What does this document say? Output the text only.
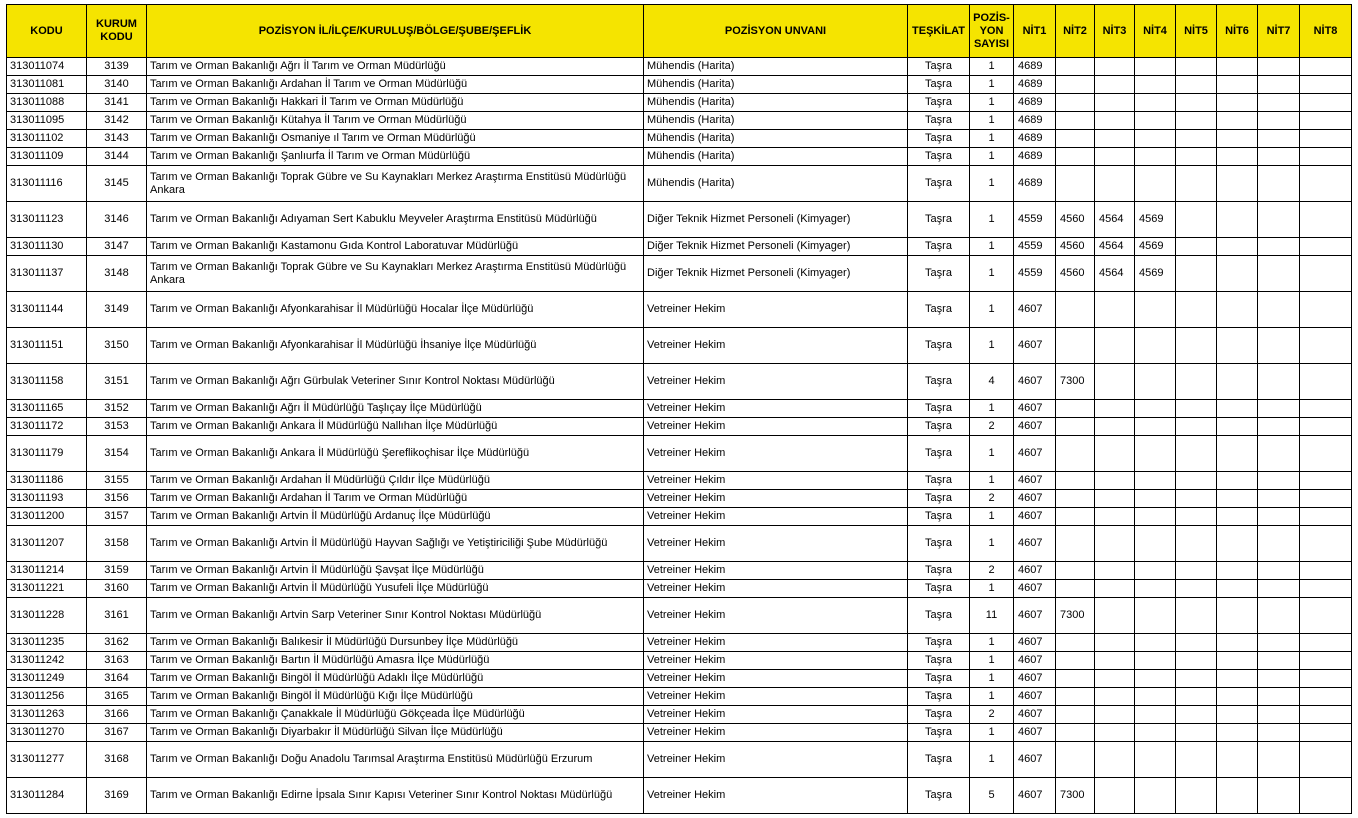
KODU	KURUM KODU	POZİSYON İL/İLÇE/KURULUŞ/BÖLGE/ŞUBE/ŞEFLİK	POZİSYON UNVANI	TEŞKİLAT	POZİS-YON SAYISI	NİT1	NİT2	NİT3	NİT4	NİT5	NİT6	NİT7	NİT8
313011074	3139	Tarım ve Orman Bakanlığı Ağrı İl Tarım ve Orman Müdürlüğü	Mühendis (Harita)	Taşra	1	4689							
313011081	3140	Tarım ve Orman Bakanlığı Ardahan İl Tarım ve Orman Müdürlüğü	Mühendis (Harita)	Taşra	1	4689							
313011088	3141	Tarım ve Orman Bakanlığı Hakkari İl Tarım ve Orman Müdürlüğü	Mühendis (Harita)	Taşra	1	4689							
313011095	3142	Tarım ve Orman Bakanlığı Kütahya İl Tarım ve Orman Müdürlüğü	Mühendis (Harita)	Taşra	1	4689							
313011102	3143	Tarım ve Orman Bakanlığı Osmaniye ıl Tarım ve Orman Müdürlüğü	Mühendis (Harita)	Taşra	1	4689							
313011109	3144	Tarım ve Orman Bakanlığı Şanlıurfa İl Tarım ve Orman Müdürlüğü	Mühendis (Harita)	Taşra	1	4689							
313011116	3145	Tarım ve Orman Bakanlığı Toprak Gübre ve Su Kaynakları Merkez Araştırma Enstitüsü Müdürlüğü Ankara	Mühendis (Harita)	Taşra	1	4689							
313011123	3146	Tarım ve Orman Bakanlığı Adıyaman Sert Kabuklu Meyveler Araştırma Enstitüsü Müdürlüğü	Diğer Teknik Hizmet Personeli (Kimyager)	Taşra	1	4559	4560	4564	4569				
313011130	3147	Tarım ve Orman Bakanlığı Kastamonu Gıda Kontrol Laboratuvar Müdürlüğü	Diğer Teknik Hizmet Personeli (Kimyager)	Taşra	1	4559	4560	4564	4569				
313011137	3148	Tarım ve Orman Bakanlığı Toprak Gübre ve Su Kaynakları Merkez Araştırma Enstitüsü Müdürlüğü Ankara	Diğer Teknik Hizmet Personeli (Kimyager)	Taşra	1	4559	4560	4564	4569				
313011144	3149	Tarım ve Orman Bakanlığı Afyonkarahisar İl Müdürlüğü Hocalar İlçe Müdürlüğü	Vetreiner Hekim	Taşra	1	4607							
313011151	3150	Tarım ve Orman Bakanlığı Afyonkarahisar İl Müdürlüğü İhsaniye İlçe Müdürlüğü	Vetreiner Hekim	Taşra	1	4607							
313011158	3151	Tarım ve Orman Bakanlığı Ağrı Gürbulak Veteriner Sınır Kontrol Noktası Müdürlüğü	Vetreiner Hekim	Taşra	4	4607	7300						
313011165	3152	Tarım ve Orman Bakanlığı Ağrı İl Müdürlüğü Taşlıçay İlçe Müdürlüğü	Vetreiner Hekim	Taşra	1	4607							
313011172	3153	Tarım ve Orman Bakanlığı Ankara İl Müdürlüğü Nallıhan İlçe Müdürlüğü	Vetreiner Hekim	Taşra	2	4607							
313011179	3154	Tarım ve Orman Bakanlığı Ankara İl Müdürlüğü Şereflikoçhisar İlçe Müdürlüğü	Vetreiner Hekim	Taşra	1	4607							
313011186	3155	Tarım ve Orman Bakanlığı Ardahan İl Müdürlüğü Çıldır İlçe Müdürlüğü	Vetreiner Hekim	Taşra	1	4607							
313011193	3156	Tarım ve Orman Bakanlığı Ardahan İl Tarım ve Orman Müdürlüğü	Vetreiner Hekim	Taşra	2	4607							
313011200	3157	Tarım ve Orman Bakanlığı Artvin İl Müdürlüğü Ardanuç İlçe Müdürlüğü	Vetreiner Hekim	Taşra	1	4607							
313011207	3158	Tarım ve Orman Bakanlığı Artvin İl Müdürlüğü Hayvan Sağlığı ve Yetiştiriciliği Şube Müdürlüğü	Vetreiner Hekim	Taşra	1	4607							
313011214	3159	Tarım ve Orman Bakanlığı Artvin İl Müdürlüğü Şavşat İlçe Müdürlüğü	Vetreiner Hekim	Taşra	2	4607							
313011221	3160	Tarım ve Orman Bakanlığı Artvin İl Müdürlüğü Yusufeli İlçe Müdürlüğü	Vetreiner Hekim	Taşra	1	4607							
313011228	3161	Tarım ve Orman Bakanlığı Artvin Sarp Veteriner Sınır Kontrol Noktası Müdürlüğü	Vetreiner Hekim	Taşra	11	4607	7300						
313011235	3162	Tarım ve Orman Bakanlığı Balıkesir İl Müdürlüğü Dursunbey İlçe Müdürlüğü	Vetreiner Hekim	Taşra	1	4607							
313011242	3163	Tarım ve Orman Bakanlığı Bartın İl Müdürlüğü Amasra İlçe Müdürlüğü	Vetreiner Hekim	Taşra	1	4607							
313011249	3164	Tarım ve Orman Bakanlığı Bingöl İl Müdürlüğü Adaklı İlçe Müdürlüğü	Vetreiner Hekim	Taşra	1	4607							
313011256	3165	Tarım ve Orman Bakanlığı Bingöl İl Müdürlüğü Kığı İlçe Müdürlüğü	Vetreiner Hekim	Taşra	1	4607							
313011263	3166	Tarım ve Orman Bakanlığı Çanakkale İl Müdürlüğü Gökçeada İlçe Müdürlüğü	Vetreiner Hekim	Taşra	2	4607							
313011270	3167	Tarım ve Orman Bakanlığı Diyarbakır İl Müdürlüğü Silvan İlçe Müdürlüğü	Vetreiner Hekim	Taşra	1	4607							
313011277	3168	Tarım ve Orman Bakanlığı Doğu Anadolu Tarımsal Araştırma Enstitüsü Müdürlüğü Erzurum	Vetreiner Hekim	Taşra	1	4607							
313011284	3169	Tarım ve Orman Bakanlığı Edirne İpsala Sınır Kapısı Veteriner Sınır Kontrol Noktası Müdürlüğü	Vetreiner Hekim	Taşra	5	4607	7300						
